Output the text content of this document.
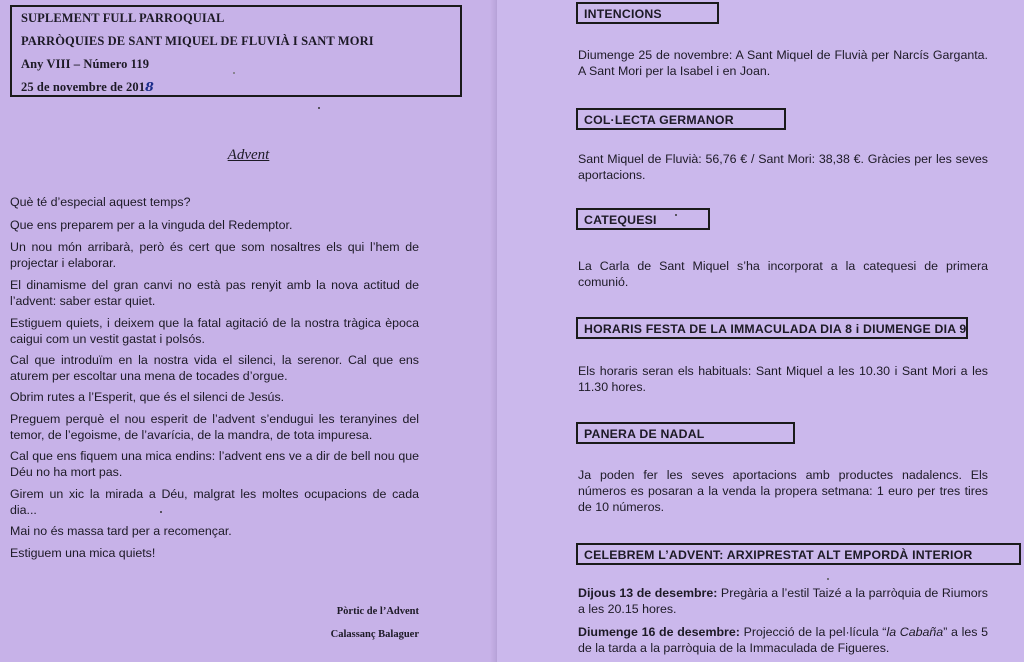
SUPLEMENT FULL PARROQUIAL
PARRÒQUIES DE SANT MIQUEL DE FLUVIÀ I SANT MORI
Any VIII – Número 119
25 de novembre de 2018
Advent
Què té d’especial aquest temps?
Que ens preparem per a la vinguda del Redemptor.
Un nou món arribarà, però és cert que som nosaltres els qui l’hem de projectar i elaborar.
El dinamisme del gran canvi no està pas renyit amb la nova actitud de l’advent: saber estar quiet.
Estiguem quiets, i deixem que la fatal agitació de la nostra tràgica època caigui com un vestit gastat i polsós.
Cal que introduïm en la nostra vida el silenci, la serenor. Cal que ens aturem per escoltar una mena de tocades d’orgue.
Obrim rutes a l’Esperit, que és el silenci de Jesús.
Preguem perquè el nou esperit de l’advent s’endugui les teranyines del temor, de l’egoisme, de l’avarícia, de la mandra, de tota impuresa.
Cal que ens fiquem una mica endins: l’advent ens ve a dir de bell nou que Déu no ha mort pas.
Girem un xic la mirada a Déu, malgrat les moltes ocupacions de cada dia...
Mai no és massa tard per a recomençar.
Estiguem una mica quiets!
Pòrtic de l’Advent
Calassanç Balaguer
INTENCIONS
Diumenge 25 de novembre: A Sant Miquel de Fluvià per Narcís Garganta. A Sant Mori per la Isabel i en Joan.
COL·LECTA GERMANOR
Sant Miquel de Fluvià: 56,76 € / Sant Mori: 38,38 €. Gràcies per les seves aportacions.
CATEQUESI
La Carla de Sant Miquel s’ha incorporat a la catequesi de primera comunió.
HORARIS FESTA DE LA IMMACULADA DIA 8 i DIUMENGE DIA 9
Els horaris seran els habituals: Sant Miquel a les 10.30 i Sant Mori a les 11.30 hores.
PANERA DE NADAL
Ja poden fer les seves aportacions amb productes nadalencs. Els números es posaran a la venda la propera setmana: 1 euro per tres tires de 10 números.
CELEBREM L’ADVENT: ARXIPRESTAT ALT EMPORDÀ INTERIOR
Dijous 13 de desembre: Pregària a l’estil Taizé a la parròquia de Riumors a les 20.15 hores.
Diumenge 16 de desembre: Projecció de la pel·lícula “la Cabaña” a les 5 de la tarda a la parròquia de la Immaculada de Figueres.
